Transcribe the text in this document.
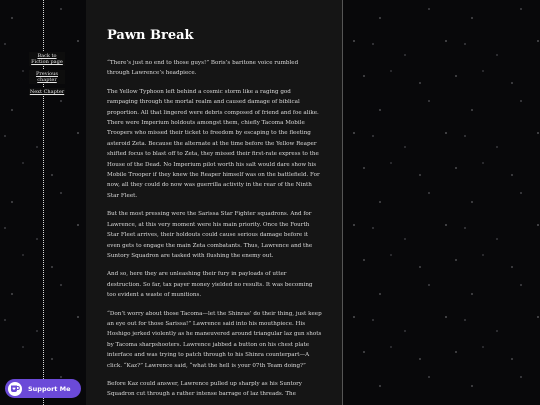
Back to Fiction page
Previous chapter
Next Chapter
Pawn Break

“There’s just no end to those guys!” Boris’s baritone voice rumbled through Lawrence’s headpiece.

The Yellow Typhoon left behind a cosmic storm like a raging god rampaging through the mortal realm and caused damage of biblical proportion. All that lingered were debris composed of friend and foe alike. There were Imperium holdouts amongst them, chiefly Tacoma Mobile Troopers who missed their ticket to freedom by escaping to the fleeting asteroid Zeta. Because the alternate at the time before the Yellow Reaper shifted focus to blast off to Zeta, they missed their first-rate express to the House of the Dead. No Imperium pilot worth his salt would dare show his Mobile Trooper if they knew the Reaper himself was on the battlefield. For now, all they could do now was guerrilla activity in the rear of the Ninth Star Fleet.

But the most pressing were the Sarissa Star Fighter squadrons. And for Lawrence, at this very moment were his main priority. Once the Fourth Star Fleet arrives, their holdouts could cause serious damage before it even gets to engage the main Zeta combatants. Thus, Lawrence and the Suntory Squadron are tasked with flushing the enemy out.

And so, here they are unleashing their fury in payloads of utter destruction. So far, tax payer money yielded no results. It was becoming too evident a waste of munitions.

“Don’t worry about those Tacoma—let the Shinras’ do their thing, just keep an eye out for those Sarissa!” Lawrence said into his mouthpiece. His Hoshigo jerked violently as he maneuvered around triangular laz gun shots by Tacoma sharpshooters. Lawrence jabbed a button on his chest plate interface and was trying to patch through to his Shinra counterpart—A click. “Kaz?” Lawrence said, “what the hell is your 07th Team doing?”

Before Kaz could answer, Lawrence pulled up sharply as his Suntory Squadron cut through a rather intense barrage of laz threads. The

Support Me
